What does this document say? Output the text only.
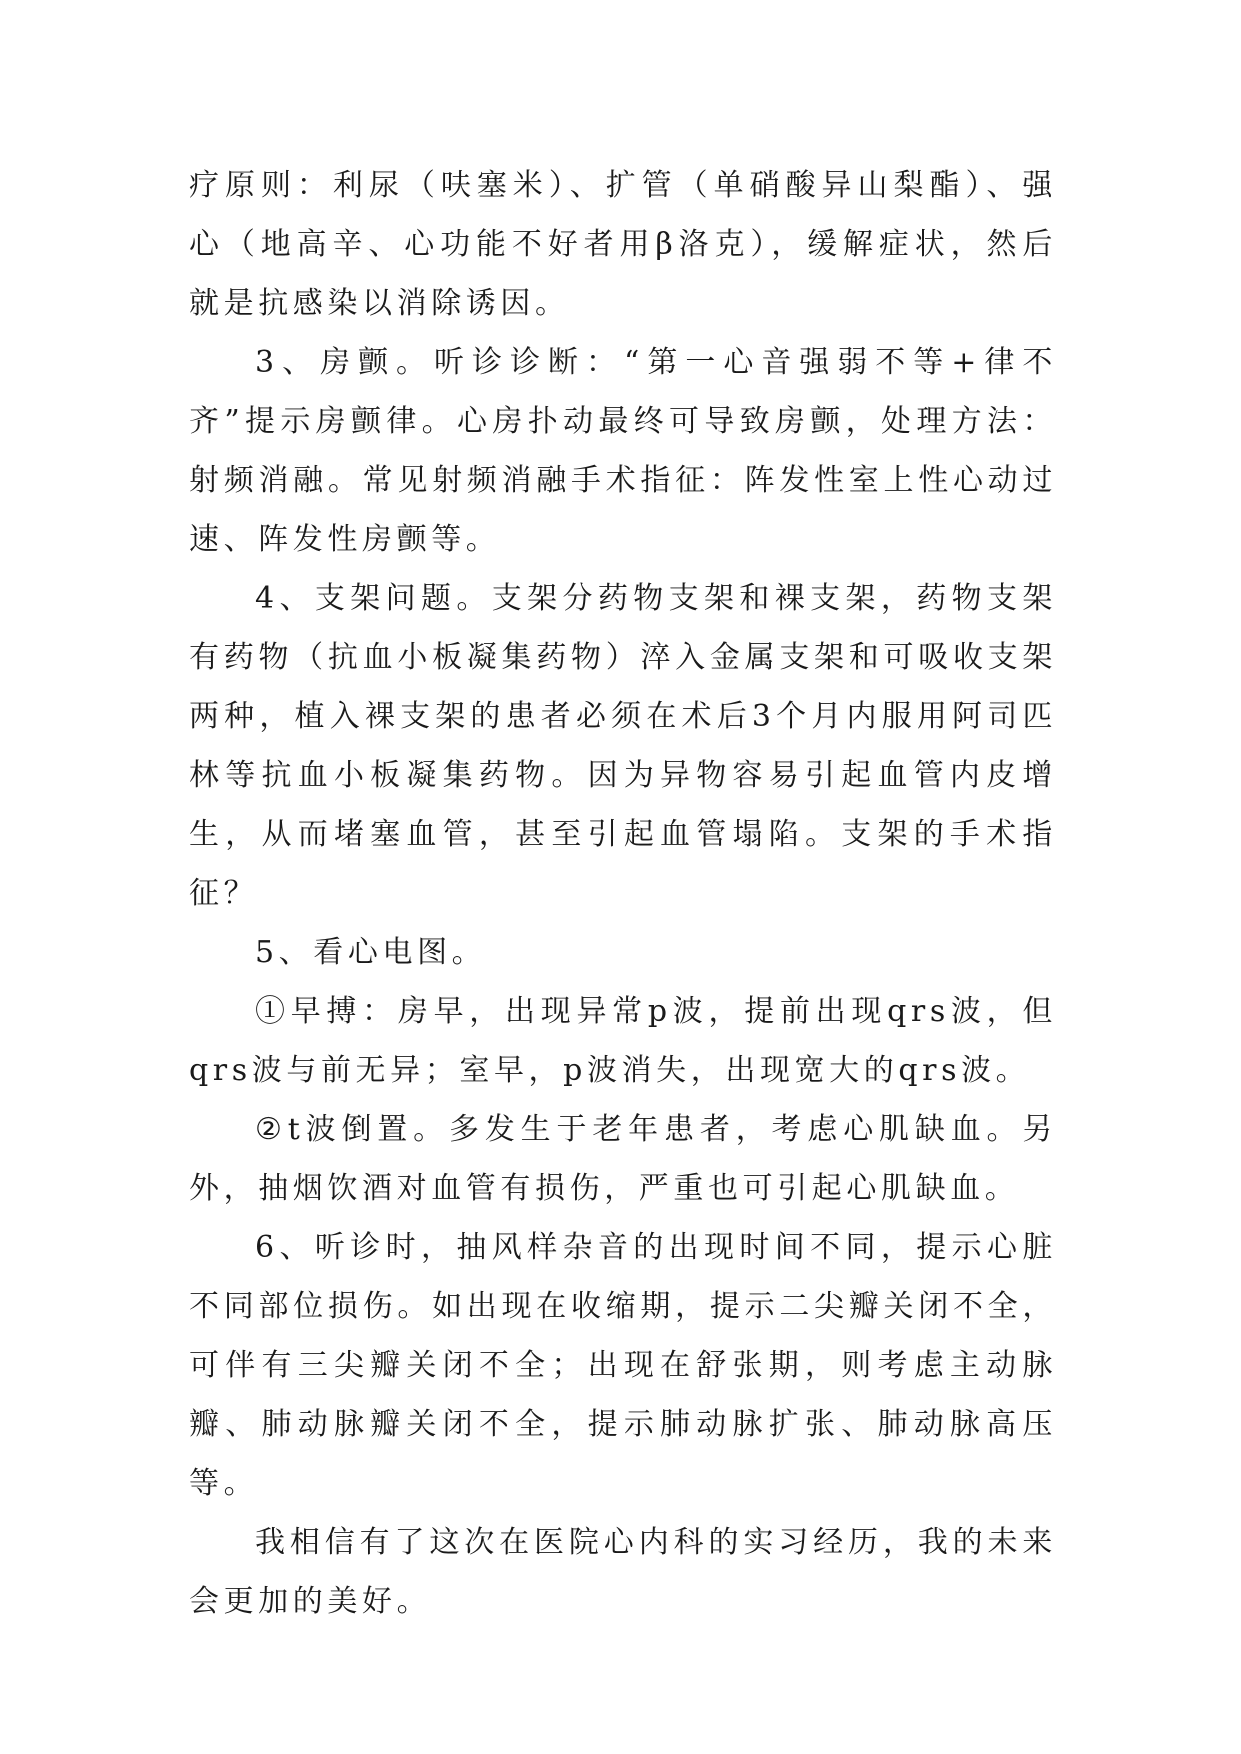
疗原则：利尿（呋塞米）、扩管（单硝酸异山梨酯）、强心（地高辛、心功能不好者用β洛克），缓解症状，然后就是抗感染以消除诱因。

3、房颤。听诊诊断：“第一心音强弱不等+律不齐”提示房颤律。心房扑动最终可导致房颤，处理方法：射频消融。常见射频消融手术指征：阵发性室上性心动过速、阵发性房颤等。

4、支架问题。支架分药物支架和裸支架，药物支架有药物（抗血小板凝集药物）淬入金属支架和可吸收支架两种，植入裸支架的患者必须在术后3个月内服用阿司匹林等抗血小板凝集药物。因为异物容易引起血管内皮增生，从而堵塞血管，甚至引起血管塌陷。支架的手术指征？

5、看心电图。

①早搏：房早，出现异常p波，提前出现qrs波，但qrs波与前无异；室早，p波消失，出现宽大的qrs波。

②t波倒置。多发生于老年患者，考虑心肌缺血。另外，抽烟饮酒对血管有损伤，严重也可引起心肌缺血。

6、听诊时，抽风样杂音的出现时间不同，提示心脏不同部位损伤。如出现在收缩期，提示二尖瓣关闭不全，可伴有三尖瓣关闭不全；出现在舒张期，则考虑主动脉瓣、肺动脉瓣关闭不全，提示肺动脉扩张、肺动脉高压等。

我相信有了这次在医院心内科的实习经历，我的未来会更加的美好。
